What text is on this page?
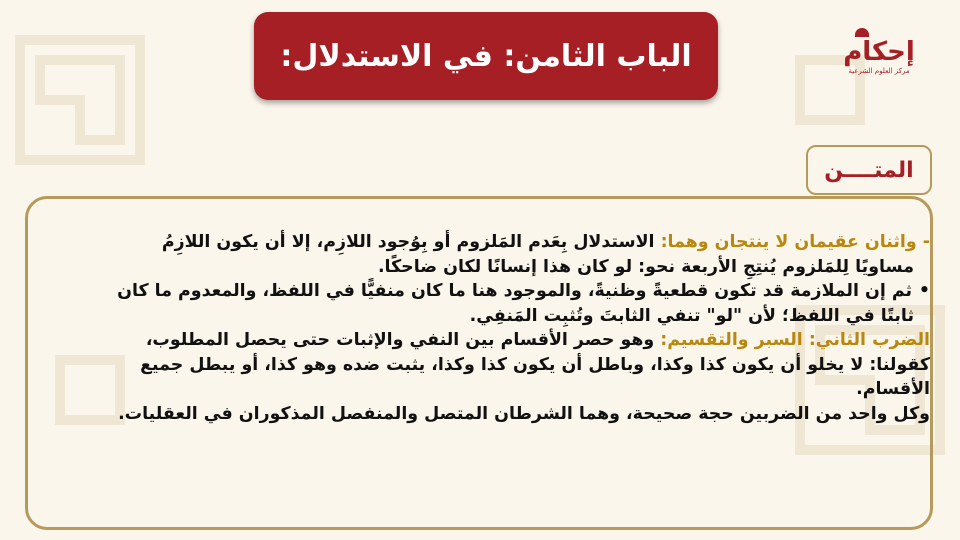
الباب الثامن: في الاستدلال:	إحكام
مركز العلوم الشرعية
المتــــن

- واثنان عقيمان لا ينتجان وهما: الاستدلال بِعَدم المَلزوم أو بِوُجود اللازِم، إلا أن يكون اللازِمُ

مساويًا لِلمَلزوم يُنتِجِ الأربعة نحو: لو كان هذا إنسانًا لكان ضاحكًا.

•
ثم إن الملازمة قد تكون قطعيةً وظنيةً، والموجود هنا ما كان منفيًّا في اللفظ، والمعدوم ما كان

ثابتًا في اللفظ؛ لأن "لو" تنفي الثابتَ وتُثبِت المَنفِي.

الضرب الثاني: السبر والتقسيم: وهو حصر الأقسام بين النفي والإثبات حتى يحصل المطلوب،

كقولنا: لا يخلو أن يكون كذا وكذا، وباطل أن يكون كذا وكذا، يثبت ضده وهو كذا، أو يبطل جميع

الأقسام.

وكل واحد من الضربين حجة صحيحة، وهما الشرطان المتصل والمنفصل المذكوران في العقليات.
